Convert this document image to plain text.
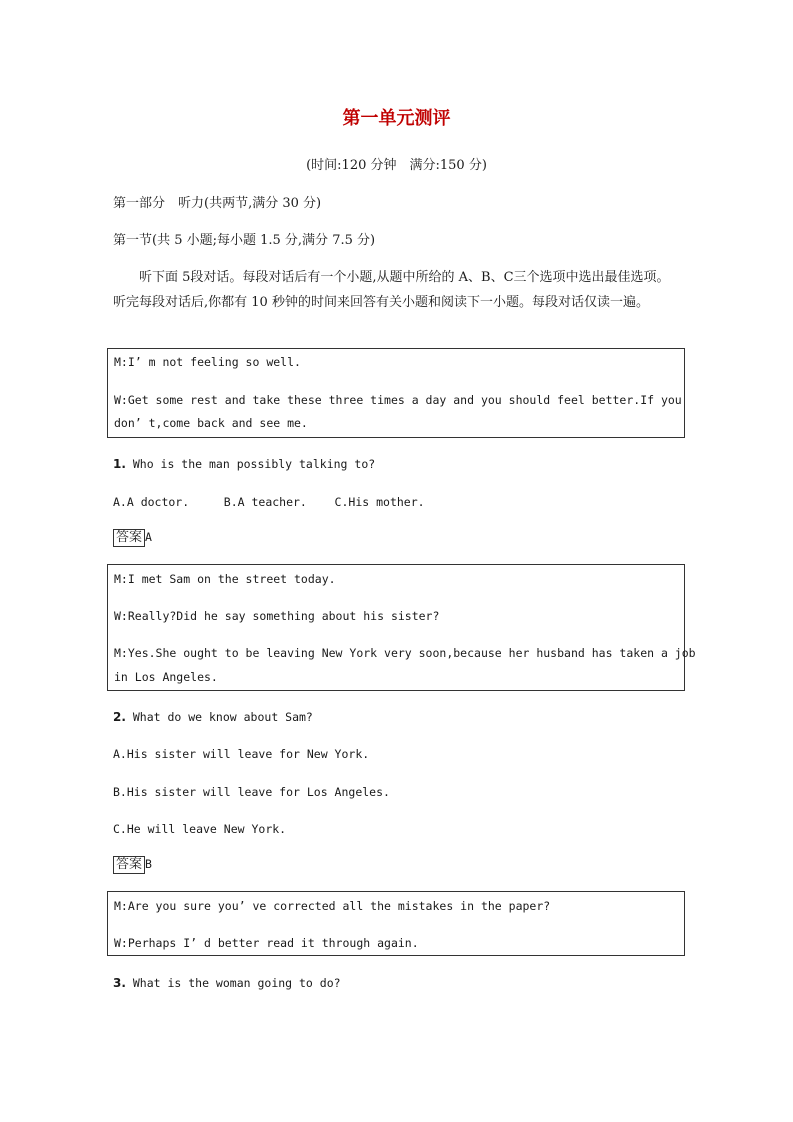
第一单元测评
(时间:120 分钟　满分:150 分)
第一部分　听力(共两节,满分 30 分)
第一节(共 5 小题;每小题 1.5 分,满分 7.5 分)
听下面 5段对话。每段对话后有一个小题,从题中所给的 A、B、C三个选项中选出最佳选项。听完每段对话后,你都有 10 秒钟的时间来回答有关小题和阅读下一小题。每段对话仅读一遍。
M:I’ m not feeling so well.
W:Get some rest and take these three times a day and you should feel better.If you
don’ t,come back and see me.
1. Who is the man possibly talking to?
A.A doctor.     B.A teacher.    C.His mother.
答案 A
M:I met Sam on the street today.
W:Really?Did he say something about his sister?
M:Yes.She ought to be leaving New York very soon,because her husband has taken a job
in Los Angeles.
2. What do we know about Sam?
A.His sister will leave for New York.
B.His sister will leave for Los Angeles.
C.He will leave New York.
答案 B
M:Are you sure you’ ve corrected all the mistakes in the paper?
W:Perhaps I’ d better read it through again.
3. What is the woman going to do?
